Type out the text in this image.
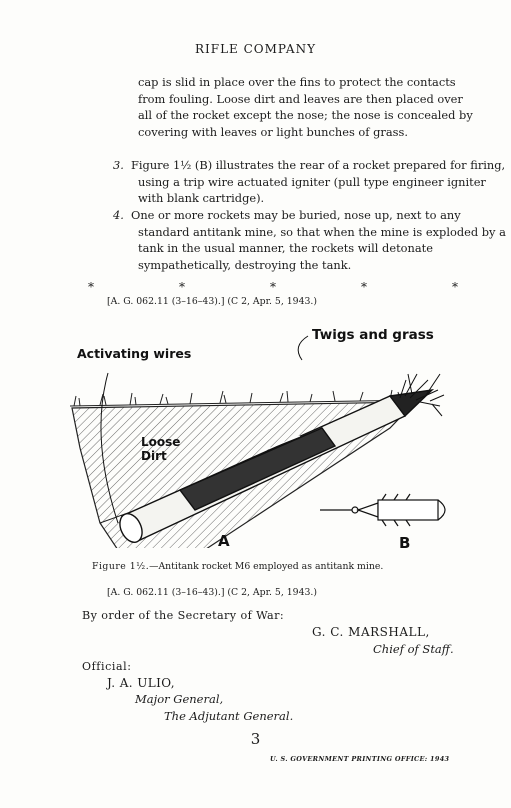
RIFLE COMPANY
cap is slid in place over the fins to protect the contacts from fouling. Loose dirt and leaves are then placed over all of the rocket except the nose; the nose is concealed by covering with leaves or light bunches of grass.
3. Figure 1½ (B) illustrates the rear of a rocket prepared for firing, using a trip wire actuated igniter (pull type engineer igniter with blank cartridge).
4. One or more rockets may be buried, nose up, next to any standard antitank mine, so that when the mine is exploded by a tank in the usual manner, the rockets will detonate sympathetically, destroying the tank.
*	*	*	*	*
[A. G. 062.11 (3–16–43).] (C 2, Apr. 5, 1943.)
Twigs and grass
Activating wires
Loose
Dirt
A	B
Figure 1½.—Antitank rocket M6 employed as antitank mine.
[A. G. 062.11 (3–16–43).] (C 2, Apr. 5, 1943.)
By order of the Secretary of War:
G. C. MARSHALL,
Chief of Staff.
Official:
J. A. ULIO,
Major General,
The Adjutant General.
3
U. S. GOVERNMENT PRINTING OFFICE: 1943
